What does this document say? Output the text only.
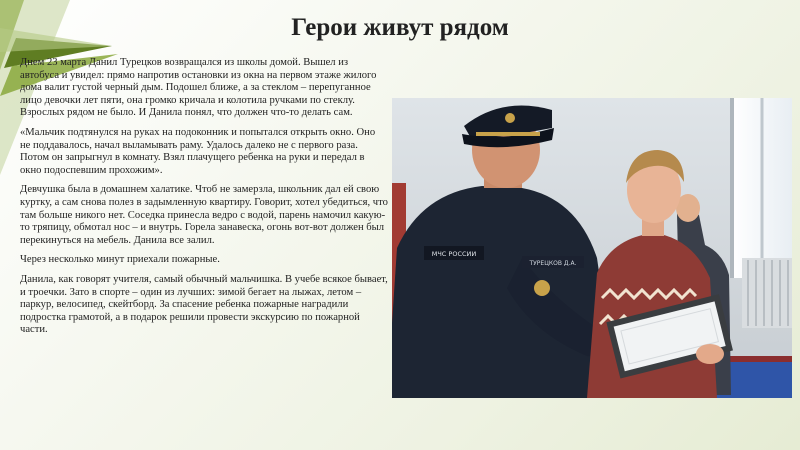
Герои живут рядом

Днем 23 марта Данил Турецков возвращался из школы домой. Вышел из автобуса и увидел: прямо напротив остановки из окна на первом этаже жилого дома валит густой черный дым. Подошел ближе, а за стеклом – перепуганное лицо девочки лет пяти, она громко кричала и колотила ручками по стеклу. Взрослых рядом не было. И Данила понял, что должен что-то делать сам.

«Мальчик подтянулся на руках на подоконник и попытался открыть окно. Оно не поддавалось, начал выламывать раму. Удалось далеко не с первого раза. Потом он запрыгнул в комнату. Взял плачущего ребенка на руки и передал в окно подоспевшим прохожим».

Девчушка была в домашнем халатике. Чтоб не замерзла, школьник дал ей свою куртку, а сам снова полез в задымленную квартиру. Говорит, хотел убедиться, что там больше никого нет. Соседка принесла ведро с водой, парень намочил какую-то тряпицу, обмотал нос – и внутрь. Горела занавеска, огонь вот-вот должен был перекинуться на мебель. Данила все залил.

Через несколько минут приехали пожарные.

Данила, как говорят учителя, самый обычный мальчишка. В учебе всякое бывает, и троечки. Зато в спорте – один из лучших: зимой бегает на лыжах, летом – паркур, велосипед, скейтборд. За спасение ребенка пожарные наградили подростка грамотой, а в подарок решили провести экскурсию по пожарной части.

МЧС РОССИИ
ТУРЕЦКОВ Д.А.
